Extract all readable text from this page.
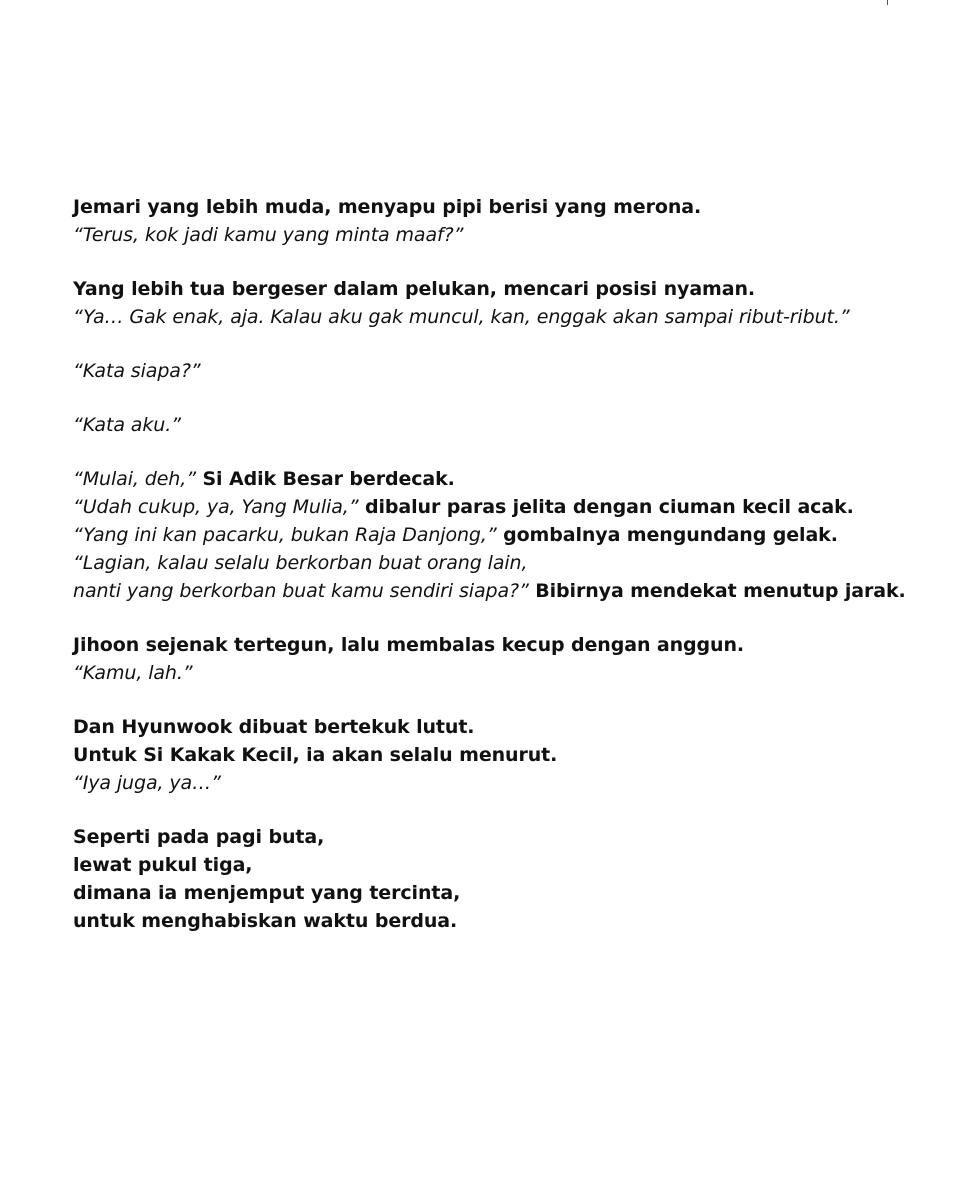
Jemari yang lebih muda, menyapu pipi berisi yang merona.
“Terus, kok jadi kamu yang minta maaf?”
Yang lebih tua bergeser dalam pelukan, mencari posisi nyaman.
“Ya… Gak enak, aja. Kalau aku gak muncul, kan, enggak akan sampai ribut-ribut.”
“Kata siapa?”
“Kata aku.”
“Mulai, deh,” Si Adik Besar berdecak.
“Udah cukup, ya, Yang Mulia,” dibalur paras jelita dengan ciuman kecil acak.
“Yang ini kan pacarku, bukan Raja Danjong,” gombalnya mengundang gelak.
“Lagian, kalau selalu berkorban buat orang lain,
nanti yang berkorban buat kamu sendiri siapa?” Bibirnya mendekat menutup jarak.
Jihoon sejenak tertegun, lalu membalas kecup dengan anggun.
“Kamu, lah.”
Dan Hyunwook dibuat bertekuk lutut.
Untuk Si Kakak Kecil, ia akan selalu menurut.
“Iya juga, ya…”
Seperti pada pagi buta,
lewat pukul tiga,
dimana ia menjemput yang tercinta,
untuk menghabiskan waktu berdua.
